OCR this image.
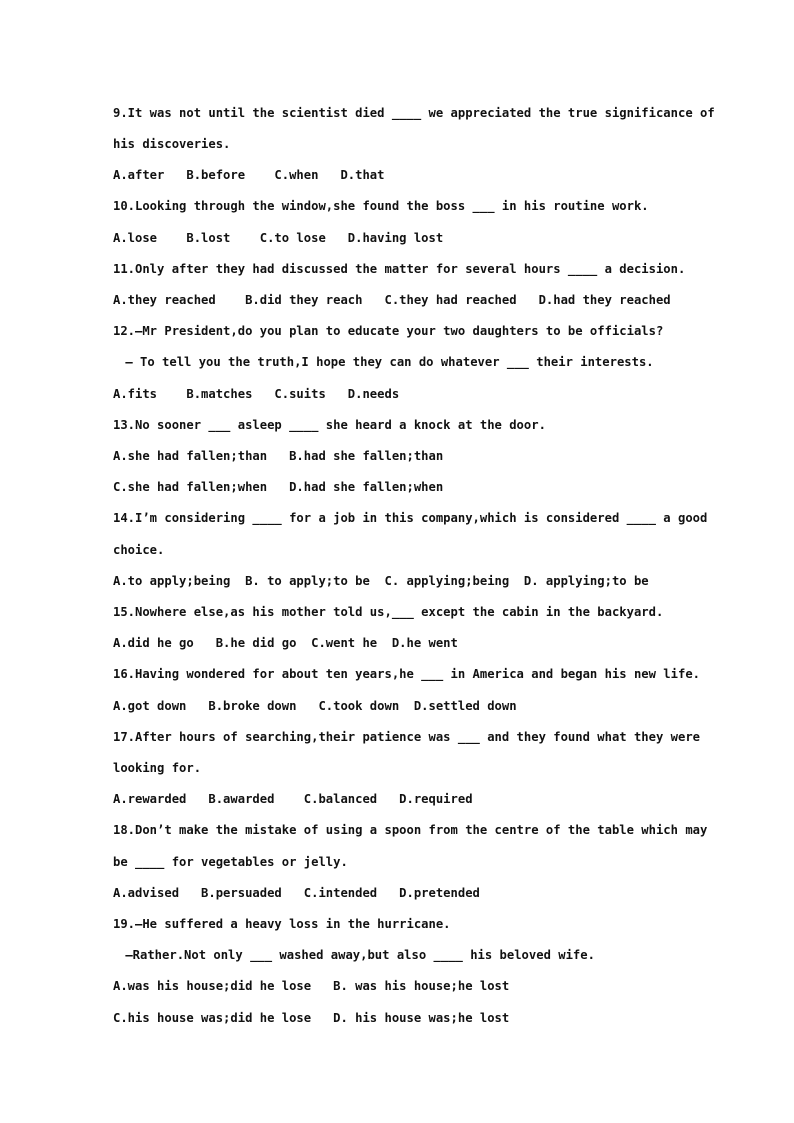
9.It was not until the scientist died ____ we appreciated the true significance of
his discoveries.
A.after   B.before    C.when   D.that
10.Looking through the window,she found the boss ___ in his routine work.
A.lose    B.lost    C.to lose   D.having lost
11.Only after they had discussed the matter for several hours ____ a decision.
A.they reached    B.did they reach   C.they had reached   D.had they reached
12.—Mr President,do you plan to educate your two daughters to be officials?
— To tell you the truth,I hope they can do whatever ___ their interests.
A.fits    B.matches   C.suits   D.needs
13.No sooner ___ asleep ____ she heard a knock at the door.
A.she had fallen;than   B.had she fallen;than
C.she had fallen;when   D.had she fallen;when
14.I’m considering ____ for a job in this company,which is considered ____ a good
choice.
A.to apply;being  B. to apply;to be  C. applying;being  D. applying;to be
15.Nowhere else,as his mother told us,___ except the cabin in the backyard.
A.did he go   B.he did go  C.went he  D.he went
16.Having wondered for about ten years,he ___ in America and began his new life.
A.got down   B.broke down   C.took down  D.settled down
17.After hours of searching,their patience was ___ and they found what they were
looking for.
A.rewarded   B.awarded    C.balanced   D.required
18.Don’t make the mistake of using a spoon from the centre of the table which may
be ____ for vegetables or jelly.
A.advised   B.persuaded   C.intended   D.pretended
19.—He suffered a heavy loss in the hurricane.
—Rather.Not only ___ washed away,but also ____ his beloved wife.
A.was his house;did he lose   B. was his house;he lost
C.his house was;did he lose   D. his house was;he lost
